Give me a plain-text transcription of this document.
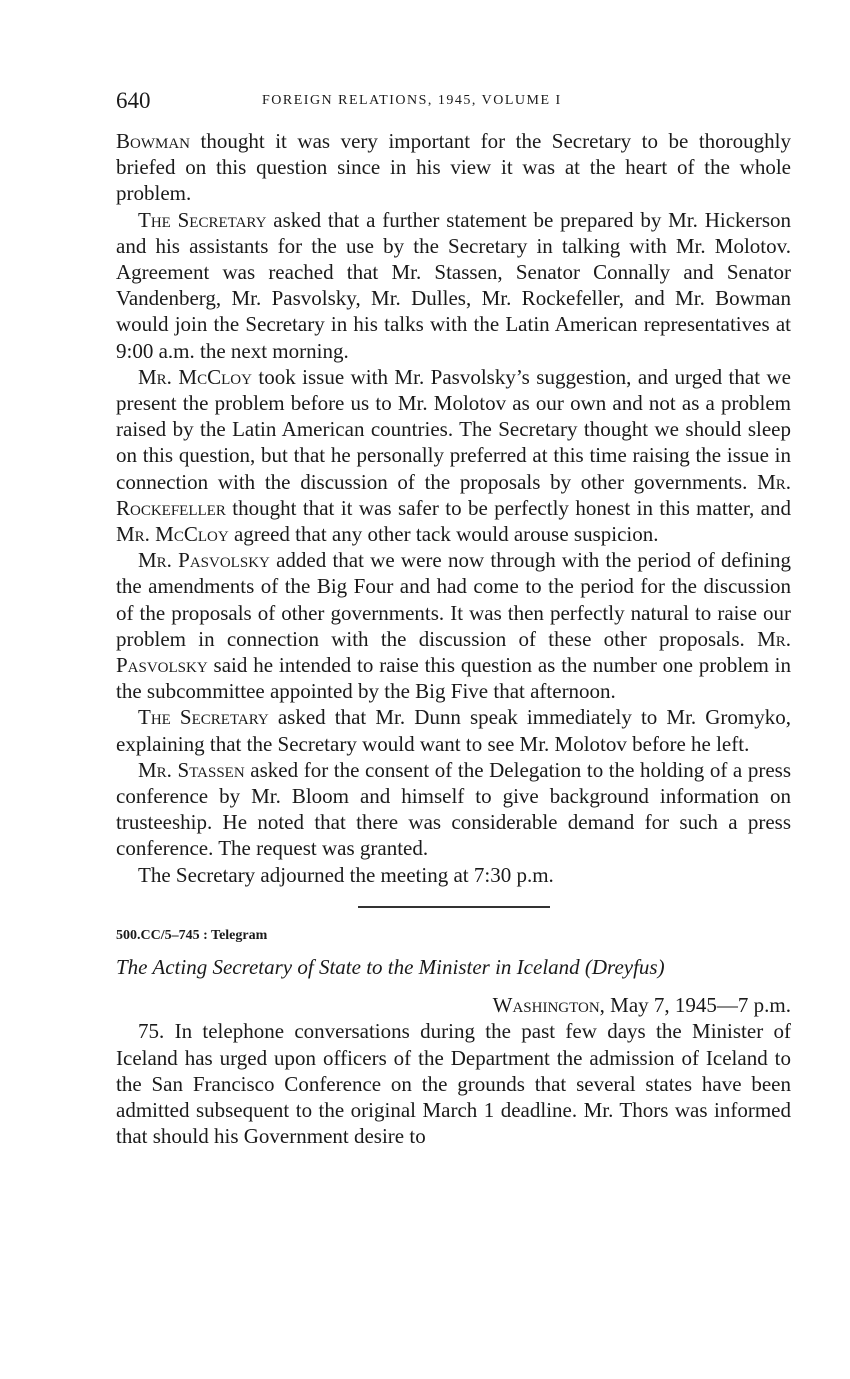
640	FOREIGN RELATIONS, 1945, VOLUME I

Bowman thought it was very important for the Secretary to be thoroughly briefed on this question since in his view it was at the heart of the whole problem.

The Secretary asked that a further statement be prepared by Mr. Hickerson and his assistants for the use by the Secretary in talking with Mr. Molotov. Agreement was reached that Mr. Stassen, Senator Connally and Senator Vandenberg, Mr. Pasvolsky, Mr. Dulles, Mr. Rockefeller, and Mr. Bowman would join the Secretary in his talks with the Latin American representatives at 9:00 a.m. the next morning.

Mr. McCloy took issue with Mr. Pasvolsky’s suggestion, and urged that we present the problem before us to Mr. Molotov as our own and not as a problem raised by the Latin American countries. The Secretary thought we should sleep on this question, but that he personally preferred at this time raising the issue in connection with the discussion of the proposals by other governments. Mr. Rockefeller thought that it was safer to be perfectly honest in this matter, and Mr. McCloy agreed that any other tack would arouse suspicion.

Mr. Pasvolsky added that we were now through with the period of defining the amendments of the Big Four and had come to the period for the discussion of the proposals of other governments. It was then perfectly natural to raise our problem in connection with the discussion of these other proposals. Mr. Pasvolsky said he intended to raise this question as the number one problem in the subcommittee appointed by the Big Five that afternoon.

The Secretary asked that Mr. Dunn speak immediately to Mr. Gromyko, explaining that the Secretary would want to see Mr. Molotov before he left.

Mr. Stassen asked for the consent of the Delegation to the holding of a press conference by Mr. Bloom and himself to give background information on trusteeship. He noted that there was considerable demand for such a press conference. The request was granted.

The Secretary adjourned the meeting at 7:30 p.m.

500.CC/5–745 : Telegram
The Acting Secretary of State to the Minister in Iceland (Dreyfus)
Washington, May 7, 1945—7 p.m.

75. In telephone conversations during the past few days the Minister of Iceland has urged upon officers of the Department the admission of Iceland to the San Francisco Conference on the grounds that several states have been admitted subsequent to the original March 1 deadline. Mr. Thors was informed that should his Government desire to
